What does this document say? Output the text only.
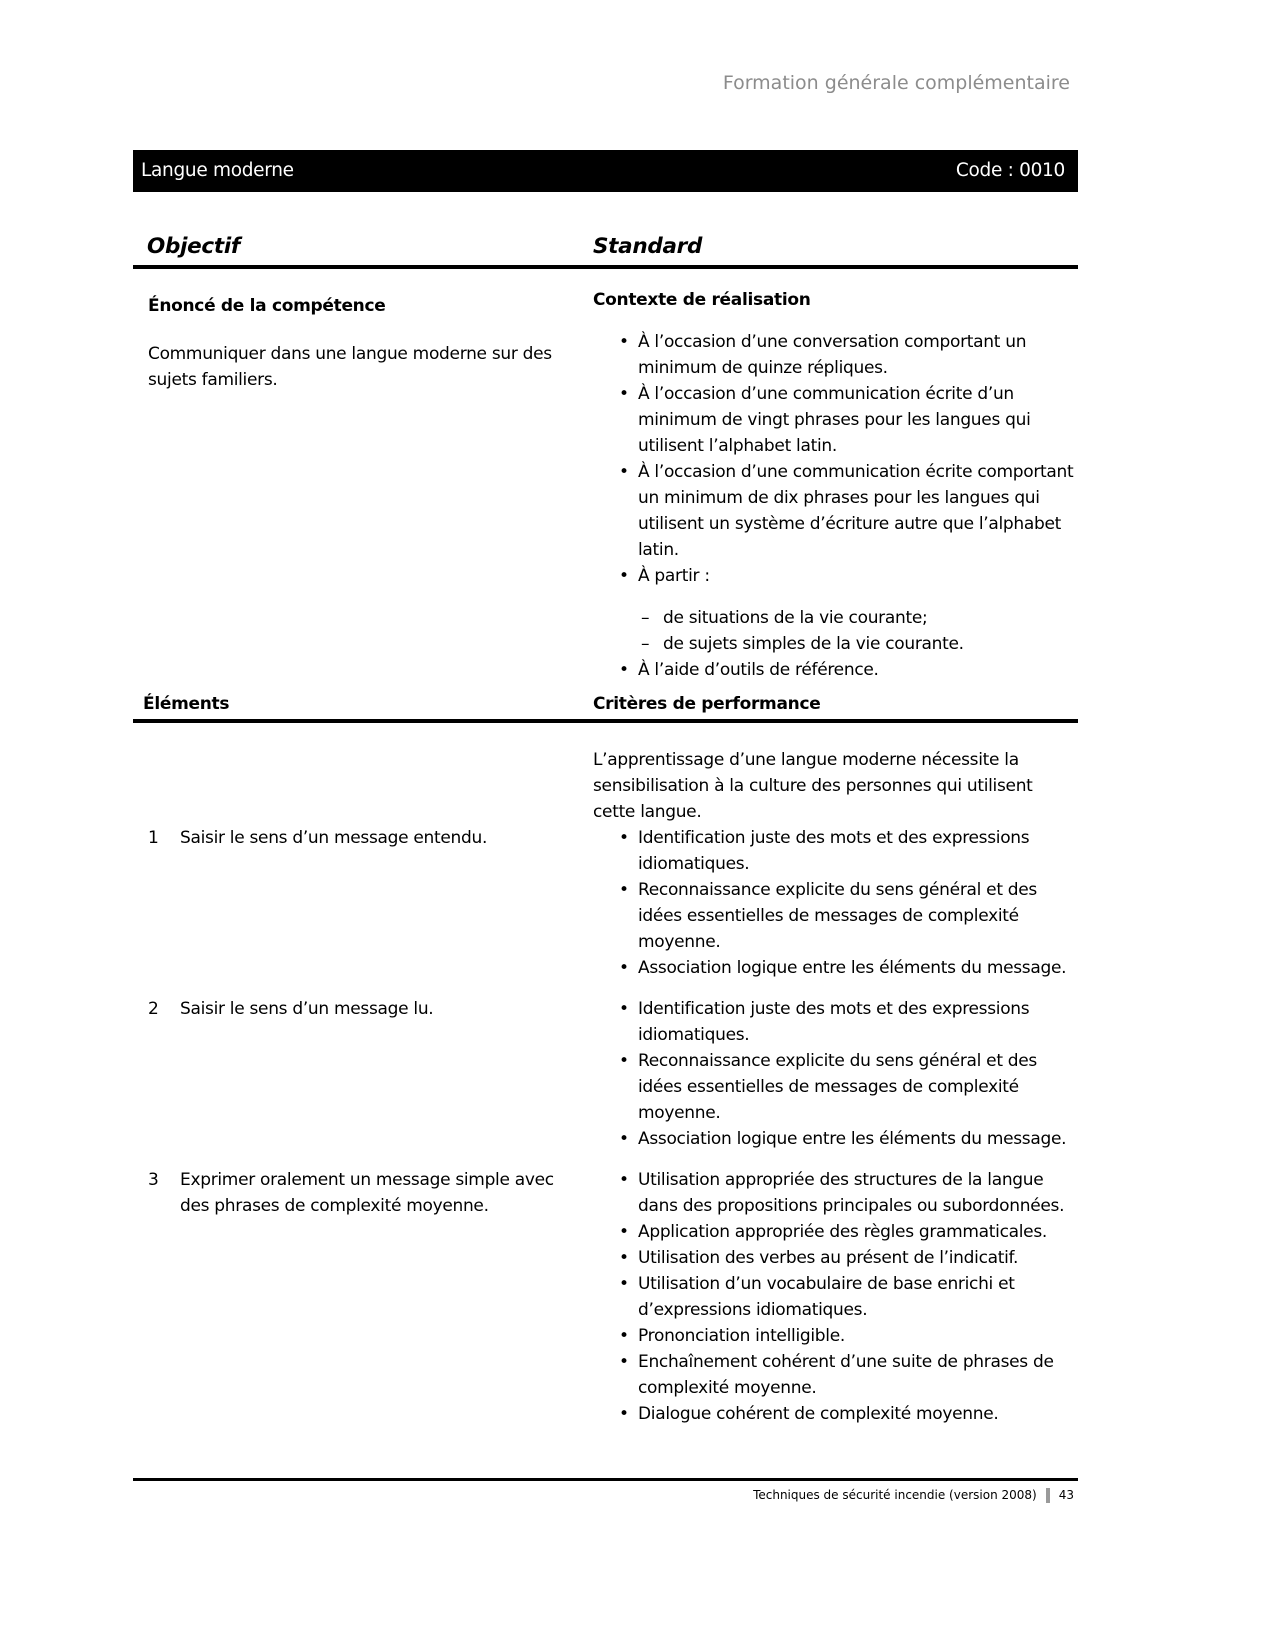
Formation générale complémentaire
Langue moderne	Code : 0010
Objectif	Standard
Énoncé de la compétence
Communiquer dans une langue moderne sur des sujets familiers.
Contexte de réalisation
• À l’occasion d’une conversation comportant un minimum de quinze répliques.
• À l’occasion d’une communication écrite d’un minimum de vingt phrases pour les langues qui utilisent l’alphabet latin.
• À l’occasion d’une communication écrite comportant un minimum de dix phrases pour les langues qui utilisent un système d’écriture autre que l’alphabet latin.
• À partir :
– de situations de la vie courante;
– de sujets simples de la vie courante.
• À l’aide d’outils de référence.
Éléments	Critères de performance
L’apprentissage d’une langue moderne nécessite la sensibilisation à la culture des personnes qui utilisent cette langue.
1	Saisir le sens d’un message entendu.	• Identification juste des mots et des expressions idiomatiques.
• Reconnaissance explicite du sens général et des idées essentielles de messages de complexité moyenne.
• Association logique entre les éléments du message.
2	Saisir le sens d’un message lu.	• Identification juste des mots et des expressions idiomatiques.
• Reconnaissance explicite du sens général et des idées essentielles de messages de complexité moyenne.
• Association logique entre les éléments du message.
3	Exprimer oralement un message simple avec des phrases de complexité moyenne.
• Utilisation appropriée des structures de la langue dans des propositions principales ou subordonnées.
• Application appropriée des règles grammaticales.
• Utilisation des verbes au présent de l’indicatif.
• Utilisation d’un vocabulaire de base enrichi et d’expressions idiomatiques.
• Prononciation intelligible.
• Enchaînement cohérent d’une suite de phrases de complexité moyenne.
• Dialogue cohérent de complexité moyenne.
Techniques de sécurité incendie (version 2008) 43
